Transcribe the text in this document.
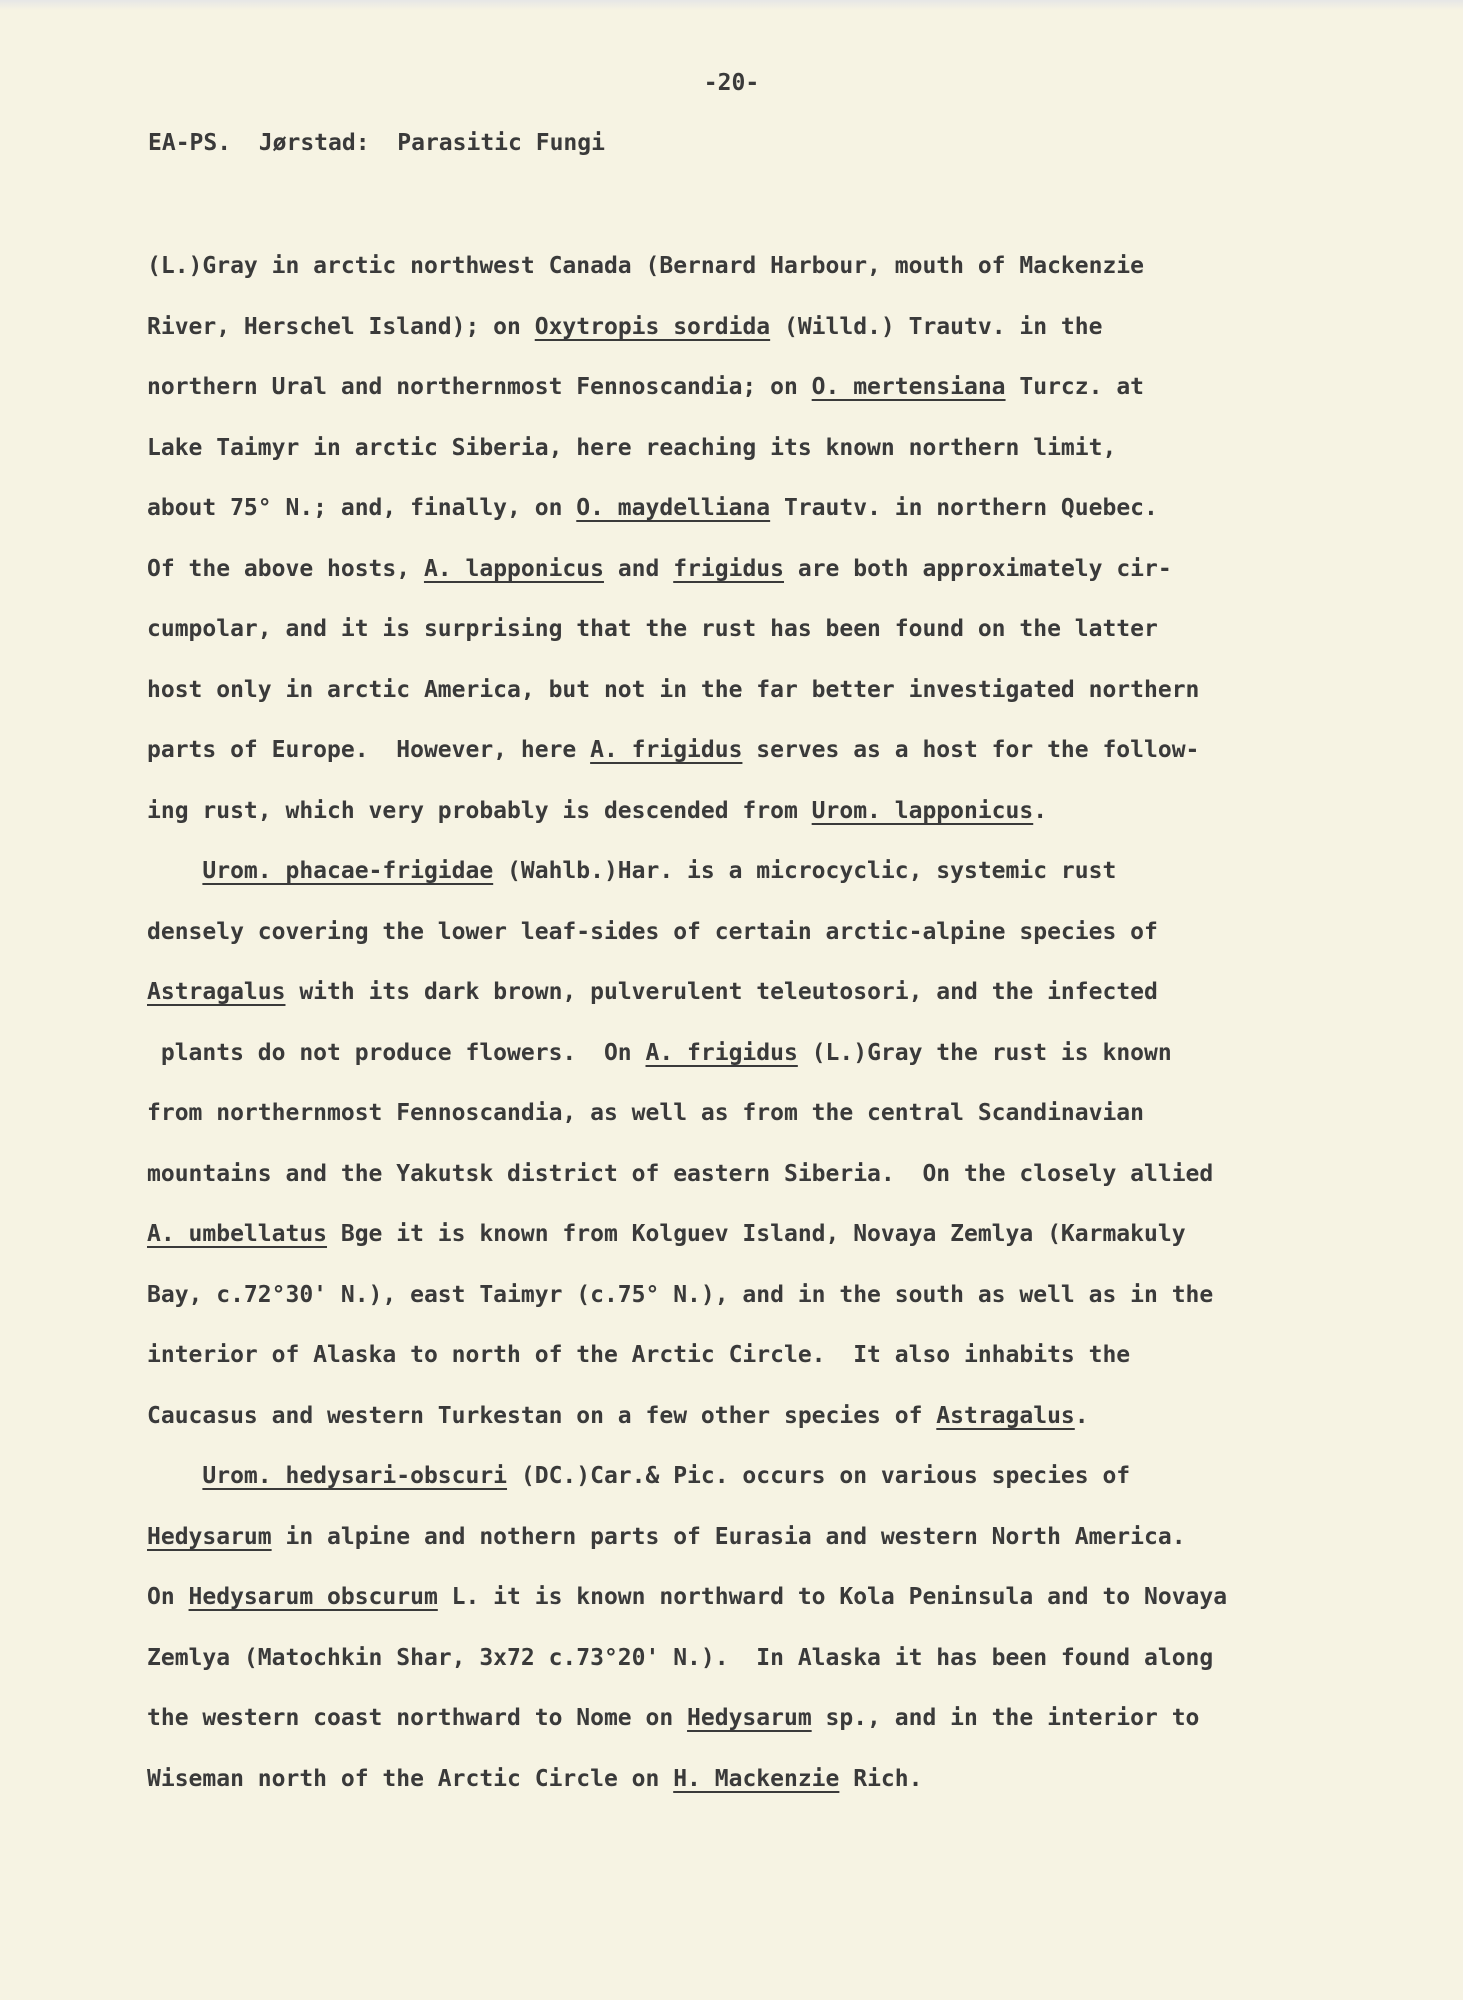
-20-
EA-PS.  Jørstad:  Parasitic Fungi
(L.)Gray in arctic northwest Canada (Bernard Harbour, mouth of Mackenzie
River, Herschel Island); on Oxytropis sordida (Willd.) Trautv. in the
northern Ural and northernmost Fennoscandia; on O. mertensiana Turcz. at
Lake Taimyr in arctic Siberia, here reaching its known northern limit,
about 75° N.; and, finally, on O. maydelliana Trautv. in northern Quebec.
Of the above hosts, A. lapponicus and frigidus are both approximately cir-
cumpolar, and it is surprising that the rust has been found on the latter
host only in arctic America, but not in the far better investigated northern
parts of Europe.  However, here A. frigidus serves as a host for the follow-
ing rust, which very probably is descended from Urom. lapponicus.
Urom. phacae-frigidae (Wahlb.)Har. is a microcyclic, systemic rust
densely covering the lower leaf-sides of certain arctic-alpine species of
Astragalus with its dark brown, pulverulent teleutosori, and the infected
plants do not produce flowers.  On A. frigidus (L.)Gray the rust is known
from northernmost Fennoscandia, as well as from the central Scandinavian
mountains and the Yakutsk district of eastern Siberia.  On the closely allied
A. umbellatus Bge it is known from Kolguev Island, Novaya Zemlya (Karmakuly
Bay, c.72°30' N.), east Taimyr (c.75° N.), and in the south as well as in the
interior of Alaska to north of the Arctic Circle.  It also inhabits the
Caucasus and western Turkestan on a few other species of Astragalus.
Urom. hedysari-obscuri (DC.)Car.& Pic. occurs on various species of
Hedysarum in alpine and nothern parts of Eurasia and western North America.
On Hedysarum obscurum L. it is known northward to Kola Peninsula and to Novaya
Zemlya (Matochkin Shar, 3x72 c.73°20' N.).  In Alaska it has been found along
the western coast northward to Nome on Hedysarum sp., and in the interior to
Wiseman north of the Arctic Circle on H. Mackenzie Rich.
